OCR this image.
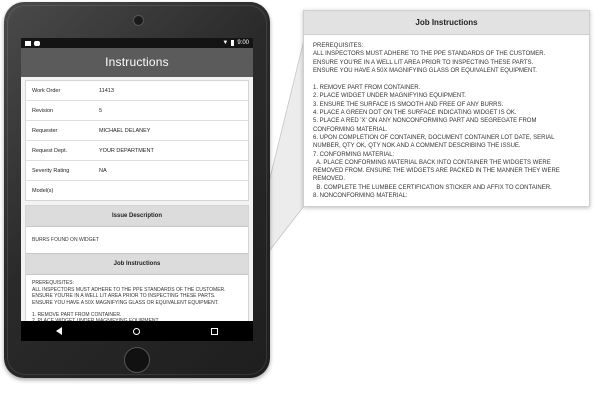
▼ 9:00
Instructions
Work Order	11413
Revision	5
Requester	MICHAEL DELANEY
Request Dept.	YOUR DEPARTMENT
Severity Rating	NA
Model(s)
Issue Description
BURRS FOUND ON WIDGET
Job Instructions
PREREQUISITES:
ALL INSPECTORS MUST ADHERE TO THE PPE STANDARDS OF THE CUSTOMER.
ENSURE YOU'RE IN A WELL LIT AREA PRIOR TO INSPECTING THESE PARTS.
ENSURE YOU HAVE A 50X MAGNIFYING GLASS OR EQUIVALENT EQUIPMENT.
1. REMOVE PART FROM CONTAINER.
Job Instructions
PREREQUISITES:
ALL INSPECTORS MUST ADHERE TO THE PPE STANDARDS OF THE CUSTOMER.
ENSURE YOU'RE IN A WELL LIT AREA PRIOR TO INSPECTING THESE PARTS.
ENSURE YOU HAVE A 50X MAGNIFYING GLASS OR EQUIVALENT EQUIPMENT.
1. REMOVE PART FROM CONTAINER.
2. PLACE WIDGET UNDER MAGNIFYING EQUIPMENT.
3. ENSURE THE SURFACE IS SMOOTH AND FREE OF ANY BURRS.
4. PLACE A GREEN DOT ON THE SURFACE INDICATING WIDGET IS OK.
5. PLACE A RED 'X' ON ANY NONCONFORMING PART AND SEGREGATE FROM
CONFORMING MATERIAL.
6. UPON COMPLETION OF CONTAINER, DOCUMENT CONTAINER LOT DATE, SERIAL
NUMBER, QTY OK, QTY NOK AND A COMMENT DESCRIBING THE ISSUE.
7. CONFORMING MATERIAL:
A. PLACE CONFORMING MATERIAL BACK INTO CONTAINER THE WIDGETS WERE
REMOVED FROM. ENSURE THE WIDGETS ARE PACKED IN THE MANNER THEY WERE
REMOVED.
B. COMPLETE THE LUMBEE CERTIFICATION STICKER AND AFFIX TO CONTAINER.
8. NONCONFORMING MATERIAL:
